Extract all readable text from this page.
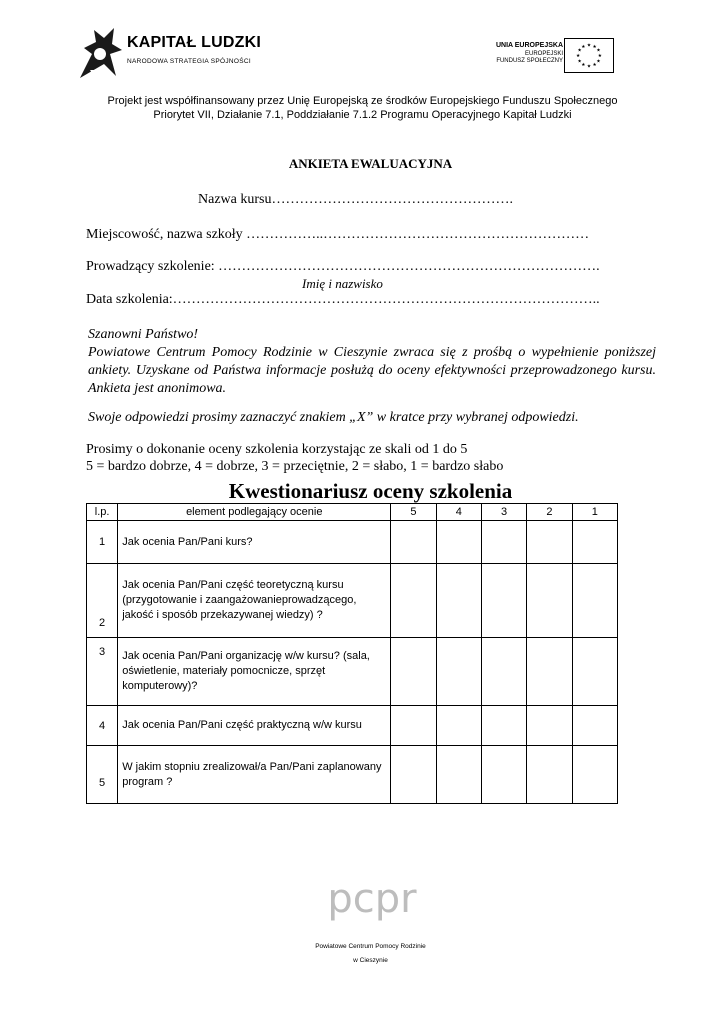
KAPITAŁ LUDZKI
NARODOWA STRATEGIA SPÓJNOŚCI
UNIA EUROPEJSKA
EUROPEJSKI
FUNDUSZ SPOŁECZNY
★ ★
★
★
★
★
★
★
★
★
★
★
Projekt jest współfinansowany przez Unię Europejską ze środków Europejskiego Funduszu Społecznego
Priorytet VII, Działanie 7.1, Poddziałanie 7.1.2 Programu Operacyjnego Kapitał Ludzki
ANKIETA EWALUACYJNA
Nazwa kursu…………………………………………….
Miejscowość, nazwa szkoły ……………..…………………………………………………
Prowadzący szkolenie: ……………………………………………………………………….
Imię i nazwisko
Data szkolenia:………………………………………………………………………………..
Szanowni Państwo!
Powiatowe Centrum Pomocy Rodzinie w Cieszynie zwraca się z prośbą o wypełnienie poniższej ankiety. Uzyskane od Państwa informacje posłużą do oceny efektywności przeprowadzonego kursu. Ankieta jest anonimowa.
Swoje odpowiedzi prosimy zaznaczyć znakiem „X” w kratce przy wybranej odpowiedzi.
Prosimy o dokonanie oceny szkolenia korzystając ze skali od 1 do 5
5 = bardzo dobrze, 4 = dobrze, 3 = przeciętnie, 2 = słabo, 1 = bardzo słabo
Kwestionariusz oceny szkolenia
l.p.	element podlegający ocenie	5	4	3	2	1
1	Jak ocenia Pan/Pani kurs?					
2	Jak ocenia Pan/Pani część teoretyczną kursu (przygotowanie i zaangażowanieprowadzącego, jakość i sposób przekazywanej wiedzy) ?					
3	Jak ocenia Pan/Pani organizację w/w kursu? (sala, oświetlenie, materiały pomocnicze, sprzęt komputerowy)?					
4	Jak ocenia Pan/Pani część praktyczną w/w kursu					
5	W jakim stopniu zrealizował/a Pan/Pani zaplanowany program ?					
pcpr
Powiatowe Centrum Pomocy Rodzinie
w Cieszynie
